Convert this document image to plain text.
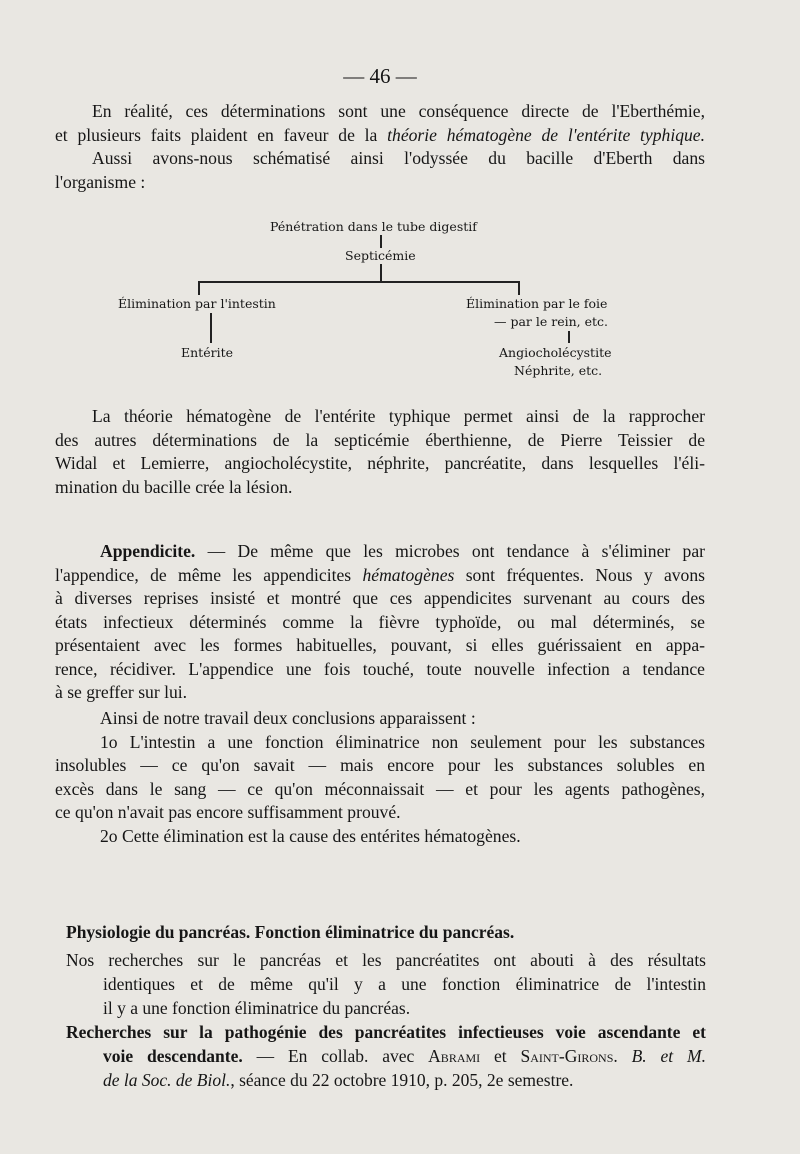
— 46 —
En réalité, ces déterminations sont une conséquence directe de l'Eberthémie,
et plusieurs faits plaident en faveur de la théorie hématogène de l'entérite typhique.
Aussi avons-nous schématisé ainsi l'odyssée du bacille d'Eberth dans
l'organisme :
Pénétration dans le tube digestif
Septicémie
Élimination par l'intestin	Élimination par le foie
— par le rein, etc.
Entérite	Angiocholécystite
Néphrite, etc.
La théorie hématogène de l'entérite typhique permet ainsi de la rapprocher
des autres déterminations de la septicémie éberthienne, de Pierre Teissier de
Widal et Lemierre, angiocholécystite, néphrite, pancréatite, dans lesquelles l'éli-
mination du bacille crée la lésion.
Appendicite. — De même que les microbes ont tendance à s'éliminer par
l'appendice, de même les appendicites hématogènes sont fréquentes. Nous y avons
à diverses reprises insisté et montré que ces appendicites survenant au cours des
états infectieux déterminés comme la fièvre typhoïde, ou mal déterminés, se
présentaient avec les formes habituelles, pouvant, si elles guérissaient en appa-
rence, récidiver. L'appendice une fois touché, toute nouvelle infection a tendance
à se greffer sur lui.
Ainsi de notre travail deux conclusions apparaissent :
1o L'intestin a une fonction éliminatrice non seulement pour les substances
insolubles — ce qu'on savait — mais encore pour les substances solubles en
excès dans le sang — ce qu'on méconnaissait — et pour les agents pathogènes,
ce qu'on n'avait pas encore suffisamment prouvé.
2o Cette élimination est la cause des entérites hématogènes.
Physiologie du pancréas. Fonction éliminatrice du pancréas.
Nos recherches sur le pancréas et les pancréatites ont abouti à des résultats
identiques et de même qu'il y a une fonction éliminatrice de l'intestin
il y a une fonction éliminatrice du pancréas.
Recherches sur la pathogénie des pancréatites infectieuses voie ascendante et
voie descendante. — En collab. avec Abrami et Saint-Girons. B. et M.
de la Soc. de Biol., séance du 22 octobre 1910, p. 205, 2e semestre.
